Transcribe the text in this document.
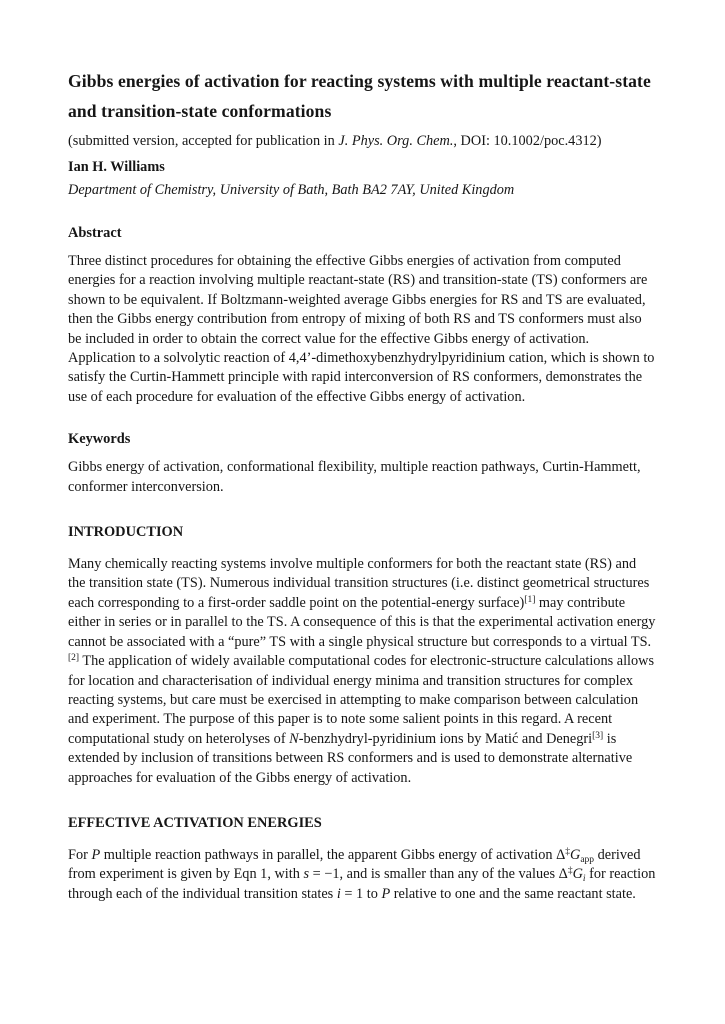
Gibbs energies of activation for reacting systems with multiple reactant-state and transition-state conformations

(submitted version, accepted for publication in J. Phys. Org. Chem., DOI: 10.1002/poc.4312)

Ian H. Williams

Department of Chemistry, University of Bath, Bath BA2 7AY, United Kingdom

Abstract

Three distinct procedures for obtaining the effective Gibbs energies of activation from computed energies for a reaction involving multiple reactant-state (RS) and transition-state (TS) conformers are shown to be equivalent. If Boltzmann-weighted average Gibbs energies for RS and TS are evaluated, then the Gibbs energy contribution from entropy of mixing of both RS and TS conformers must also be included in order to obtain the correct value for the effective Gibbs energy of activation. Application to a solvolytic reaction of 4,4’-dimethoxybenzhydrylpyridinium cation, which is shown to satisfy the Curtin-Hammett principle with rapid interconversion of RS conformers, demonstrates the use of each procedure for evaluation of the effective Gibbs energy of activation.

Keywords

Gibbs energy of activation, conformational flexibility, multiple reaction pathways, Curtin-Hammett, conformer interconversion.

INTRODUCTION

Many chemically reacting systems involve multiple conformers for both the reactant state (RS) and the transition state (TS). Numerous individual transition structures (i.e. distinct geometrical structures each corresponding to a first-order saddle point on the potential-energy surface)[1] may contribute either in series or in parallel to the TS. A consequence of this is that the experimental activation energy cannot be associated with a “pure” TS with a single physical structure but corresponds to a virtual TS.[2] The application of widely available computational codes for electronic-structure calculations allows for location and characterisation of individual energy minima and transition structures for complex reacting systems, but care must be exercised in attempting to make comparison between calculation and experiment. The purpose of this paper is to note some salient points in this regard. A recent computational study on heterolyses of N-benzhydryl-pyridinium ions by Matić and Denegri[3] is extended by inclusion of transitions between RS conformers and is used to demonstrate alternative approaches for evaluation of the Gibbs energy of activation.

EFFECTIVE ACTIVATION ENERGIES

For P multiple reaction pathways in parallel, the apparent Gibbs energy of activation $\Delta^\ddagger G_{app}$ derived from experiment is given by Eqn 1, with s = −1, and is smaller than any of the values $\Delta^\ddagger G_i$ for reaction through each of the individual transition states i = 1 to P relative to one and the same reactant state.
